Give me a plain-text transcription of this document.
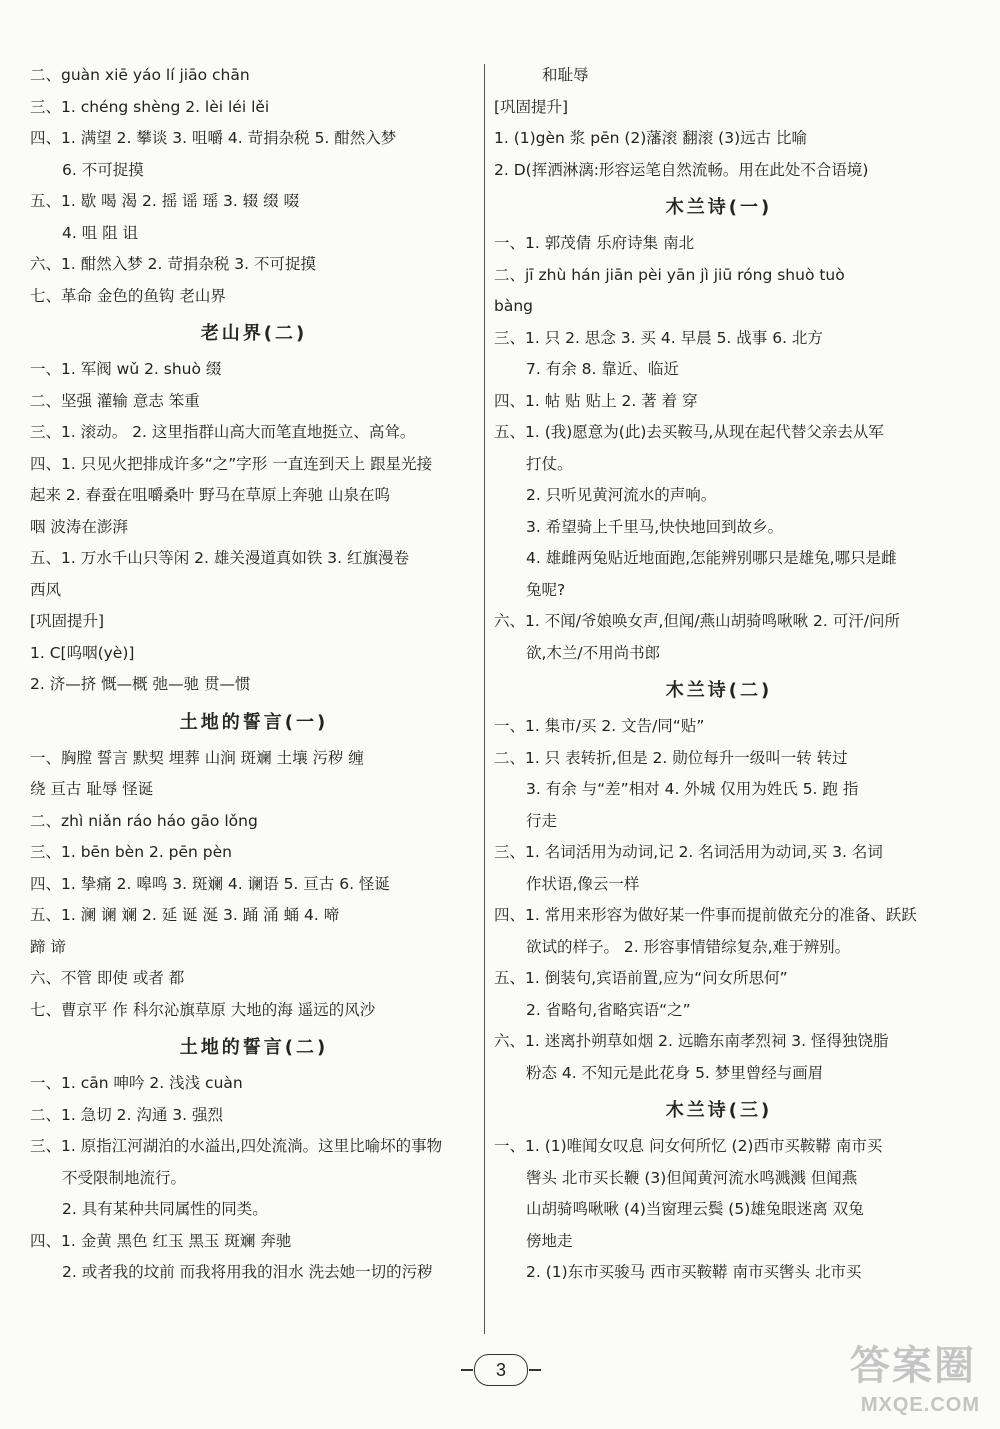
二、guàn xiē yáo lí jiāo chān
三、1. chéng shèng 2. lèi léi lěi
四、1. 满望 2. 攀谈 3. 咀嚼 4. 苛捐杂税 5. 酣然入梦
6. 不可捉摸
五、1. 歇 喝 渴 2. 摇 谣 瑶 3. 辍 缀 啜
4. 咀 阻 诅
六、1. 酣然入梦 2. 苛捐杂税 3. 不可捉摸
七、革命 金色的鱼钩 老山界
老山界(二)
一、1. 军阀 wǔ 2. shuò 缀
二、坚强 灌输 意志 笨重
三、1. 滚动。 2. 这里指群山高大而笔直地挺立、高耸。
四、1. 只见火把排成许多“之”字形 一直连到天上 跟星光接
起来 2. 春蚕在咀嚼桑叶 野马在草原上奔驰 山泉在呜
咽 波涛在澎湃
五、1. 万水千山只等闲 2. 雄关漫道真如铁 3. 红旗漫卷
西风
[巩固提升]
1. C[呜咽(yè)]
2. 济—挤 慨—概 弛—驰 贯—惯
土地的誓言(一)
一、胸膛 誓言 默契 埋葬 山涧 斑斓 土壤 污秽 缠
绕 亘古 耻辱 怪诞
二、zhì niǎn ráo háo gāo lǒng
三、1. bēn bèn 2. pēn pèn
四、1. 挚痛 2. 嗥鸣 3. 斑斓 4. 谰语 5. 亘古 6. 怪诞
五、1. 澜 谰 斓 2. 延 诞 涎 3. 踊 涌 蛹 4. 啼
蹄 谛
六、不管 即使 或者 都
七、曹京平 作 科尔沁旗草原 大地的海 遥远的风沙
土地的誓言(二)
一、1. cān 呻吟 2. 浅浅 cuàn
二、1. 急切 2. 沟通 3. 强烈
三、1. 原指江河湖泊的水溢出,四处流淌。这里比喻坏的事物
不受限制地流行。
2. 具有某种共同属性的同类。
四、1. 金黄 黑色 红玉 黑玉 斑斓 奔驰
2. 或者我的坟前 而我将用我的泪水 洗去她一切的污秽
和耻辱
[巩固提升]
1. (1)gèn 浆 pēn (2)藩滚 翻滚 (3)远古 比喻
2. D(挥洒淋漓:形容运笔自然流畅。用在此处不合语境)
木兰诗(一)
一、1. 郭茂倩 乐府诗集 南北
二、jī zhù hán jiān pèi yān jì jiū róng shuò tuò
bàng
三、1. 只 2. 思念 3. 买 4. 早晨 5. 战事 6. 北方
7. 有余 8. 靠近、临近
四、1. 帖 贴 贴上 2. 著 着 穿
五、1. (我)愿意为(此)去买鞍马,从现在起代替父亲去从军
打仗。
2. 只听见黄河流水的声响。
3. 希望骑上千里马,快快地回到故乡。
4. 雄雌两兔贴近地面跑,怎能辨别哪只是雄兔,哪只是雌
兔呢?
六、1. 不闻/爷娘唤女声,但闻/燕山胡骑鸣啾啾 2. 可汗/问所
欲,木兰/不用尚书郎
木兰诗(二)
一、1. 集市/买 2. 文告/同“贴”
二、1. 只 表转折,但是 2. 勋位每升一级叫一转 转过
3. 有余 与“差”相对 4. 外城 仅用为姓氏 5. 跑 指
行走
三、1. 名词活用为动词,记 2. 名词活用为动词,买 3. 名词
作状语,像云一样
四、1. 常用来形容为做好某一件事而提前做充分的准备、跃跃
欲试的样子。 2. 形容事情错综复杂,难于辨别。
五、1. 倒装句,宾语前置,应为“问女所思何”
2. 省略句,省略宾语“之”
六、1. 迷离扑朔草如烟 2. 远瞻东南孝烈祠 3. 怪得独饶脂
粉态 4. 不知元是此花身 5. 梦里曾经与画眉
木兰诗(三)
一、1. (1)唯闻女叹息 问女何所忆 (2)西市买鞍鞯 南市买
辔头 北市买长鞭 (3)但闻黄河流水鸣溅溅 但闻燕
山胡骑鸣啾啾 (4)当窗理云鬓 (5)雄兔眼迷离 双兔
傍地走
2. (1)东市买骏马 西市买鞍鞯 南市买辔头 北市买
3	答案圈
MXQE.COM
